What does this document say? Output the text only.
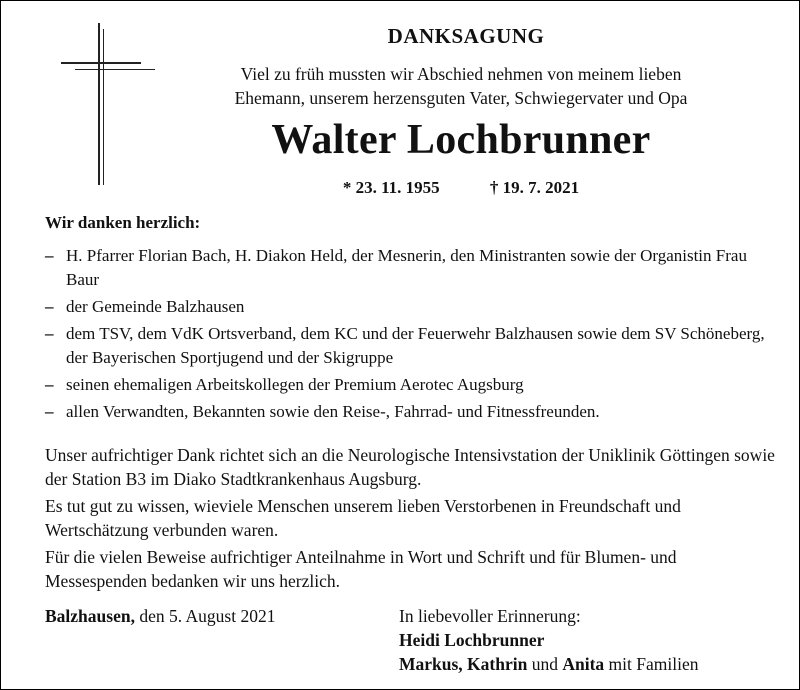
DANKSAGUNG
Viel zu früh mussten wir Abschied nehmen von meinem lieben
Ehemann, unserem herzensguten Vater, Schwiegervater und Opa
Walter Lochbrunner
* 23. 11. 1955	† 19. 7. 2021
Wir danken herzlich:
– H. Pfarrer Florian Bach, H. Diakon Held, der Mesnerin, den Ministranten sowie der Organistin Frau Baur
– der Gemeinde Balzhausen
– dem TSV, dem VdK Ortsverband, dem KC und der Feuerwehr Balzhausen sowie dem SV Schöneberg, der Bayerischen Sportjugend und der Skigruppe
– seinen ehemaligen Arbeitskollegen der Premium Aerotec Augsburg
– allen Verwandten, Bekannten sowie den Reise-, Fahrrad- und Fitnessfreunden.
Unser aufrichtiger Dank richtet sich an die Neurologische Intensivstation der Uniklinik Göttingen sowie der Station B3 im Diako Stadtkrankenhaus Augsburg.
Es tut gut zu wissen, wieviele Menschen unserem lieben Verstorbenen in Freundschaft und Wertschätzung verbunden waren.
Für die vielen Beweise aufrichtiger Anteilnahme in Wort und Schrift und für Blumen- und Messespenden bedanken wir uns herzlich.
Balzhausen, den 5. August 2021	In liebevoller Erinnerung:
Heidi Lochbrunner
Markus, Kathrin und Anita mit Familien
